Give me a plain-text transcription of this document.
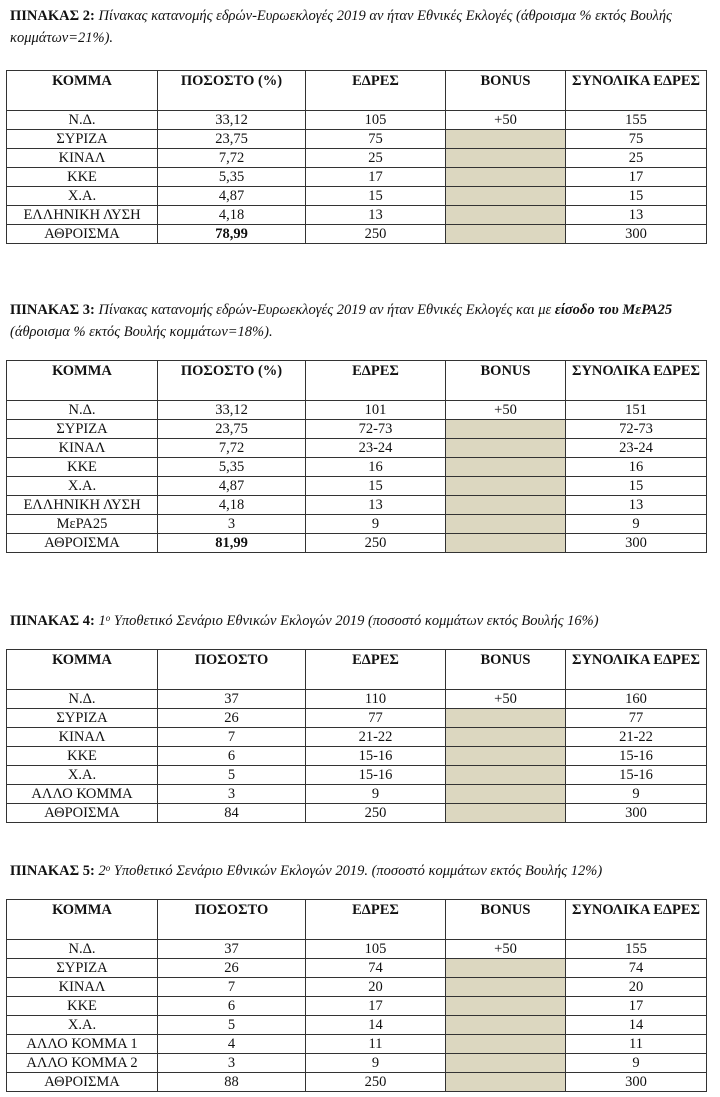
ΠΙΝΑΚΑΣ 2: Πίνακας κατανομής εδρών-Ευρωεκλογές 2019 αν ήταν Εθνικές Εκλογές (άθροισμα % εκτός Βουλής κομμάτων=21%).
ΚΟΜΜΑ	ΠΟΣΟΣΤΟ (%)	ΕΔΡΕΣ	BONUS	ΣΥΝΟΛΙΚΑ ΕΔΡΕΣ
Ν.Δ.	33,12	105	+50	155
ΣΥΡΙΖΑ	23,75	75		75
ΚΙΝΑΛ	7,72	25		25
ΚΚΕ	5,35	17		17
Χ.Α.	4,87	15		15
ΕΛΛΗΝΙΚΗ ΛΥΣΗ	4,18	13		13
ΑΘΡΟΙΣΜΑ	78,99	250		300
ΠΙΝΑΚΑΣ 3: Πίνακας κατανομής εδρών-Ευρωεκλογές 2019 αν ήταν Εθνικές Εκλογές και με είσοδο του ΜεΡΑ25 (άθροισμα % εκτός Βουλής κομμάτων=18%).
ΚΟΜΜΑ	ΠΟΣΟΣΤΟ (%)	ΕΔΡΕΣ	BONUS	ΣΥΝΟΛΙΚΑ ΕΔΡΕΣ
Ν.Δ.	33,12	101	+50	151
ΣΥΡΙΖΑ	23,75	72-73		72-73
ΚΙΝΑΛ	7,72	23-24		23-24
ΚΚΕ	5,35	16		16
Χ.Α.	4,87	15		15
ΕΛΛΗΝΙΚΗ ΛΥΣΗ	4,18	13		13
ΜεΡΑ25	3	9		9
ΑΘΡΟΙΣΜΑ	81,99	250		300
ΠΙΝΑΚΑΣ 4: $1^o$ Υποθετικό Σενάριο Εθνικών Εκλογών 2019 (ποσοστό κομμάτων εκτός Βουλής 16%)
ΚΟΜΜΑ	ΠΟΣΟΣΤΟ	ΕΔΡΕΣ	BONUS	ΣΥΝΟΛΙΚΑ ΕΔΡΕΣ
Ν.Δ.	37	110	+50	160
ΣΥΡΙΖΑ	26	77		77
ΚΙΝΑΛ	7	21-22		21-22
ΚΚΕ	6	15-16		15-16
Χ.Α.	5	15-16		15-16
ΑΛΛΟ ΚΟΜΜΑ	3	9		9
ΑΘΡΟΙΣΜΑ	84	250		300
ΠΙΝΑΚΑΣ 5: $2^o$ Υποθετικό Σενάριο Εθνικών Εκλογών 2019. (ποσοστό κομμάτων εκτός Βουλής 12%)
ΚΟΜΜΑ	ΠΟΣΟΣΤΟ	ΕΔΡΕΣ	BONUS	ΣΥΝΟΛΙΚΑ ΕΔΡΕΣ
Ν.Δ.	37	105	+50	155
ΣΥΡΙΖΑ	26	74		74
ΚΙΝΑΛ	7	20		20
ΚΚΕ	6	17		17
Χ.Α.	5	14		14
ΑΛΛΟ ΚΟΜΜΑ 1	4	11		11
ΑΛΛΟ ΚΟΜΜΑ 2	3	9		9
ΑΘΡΟΙΣΜΑ	88	250		300
